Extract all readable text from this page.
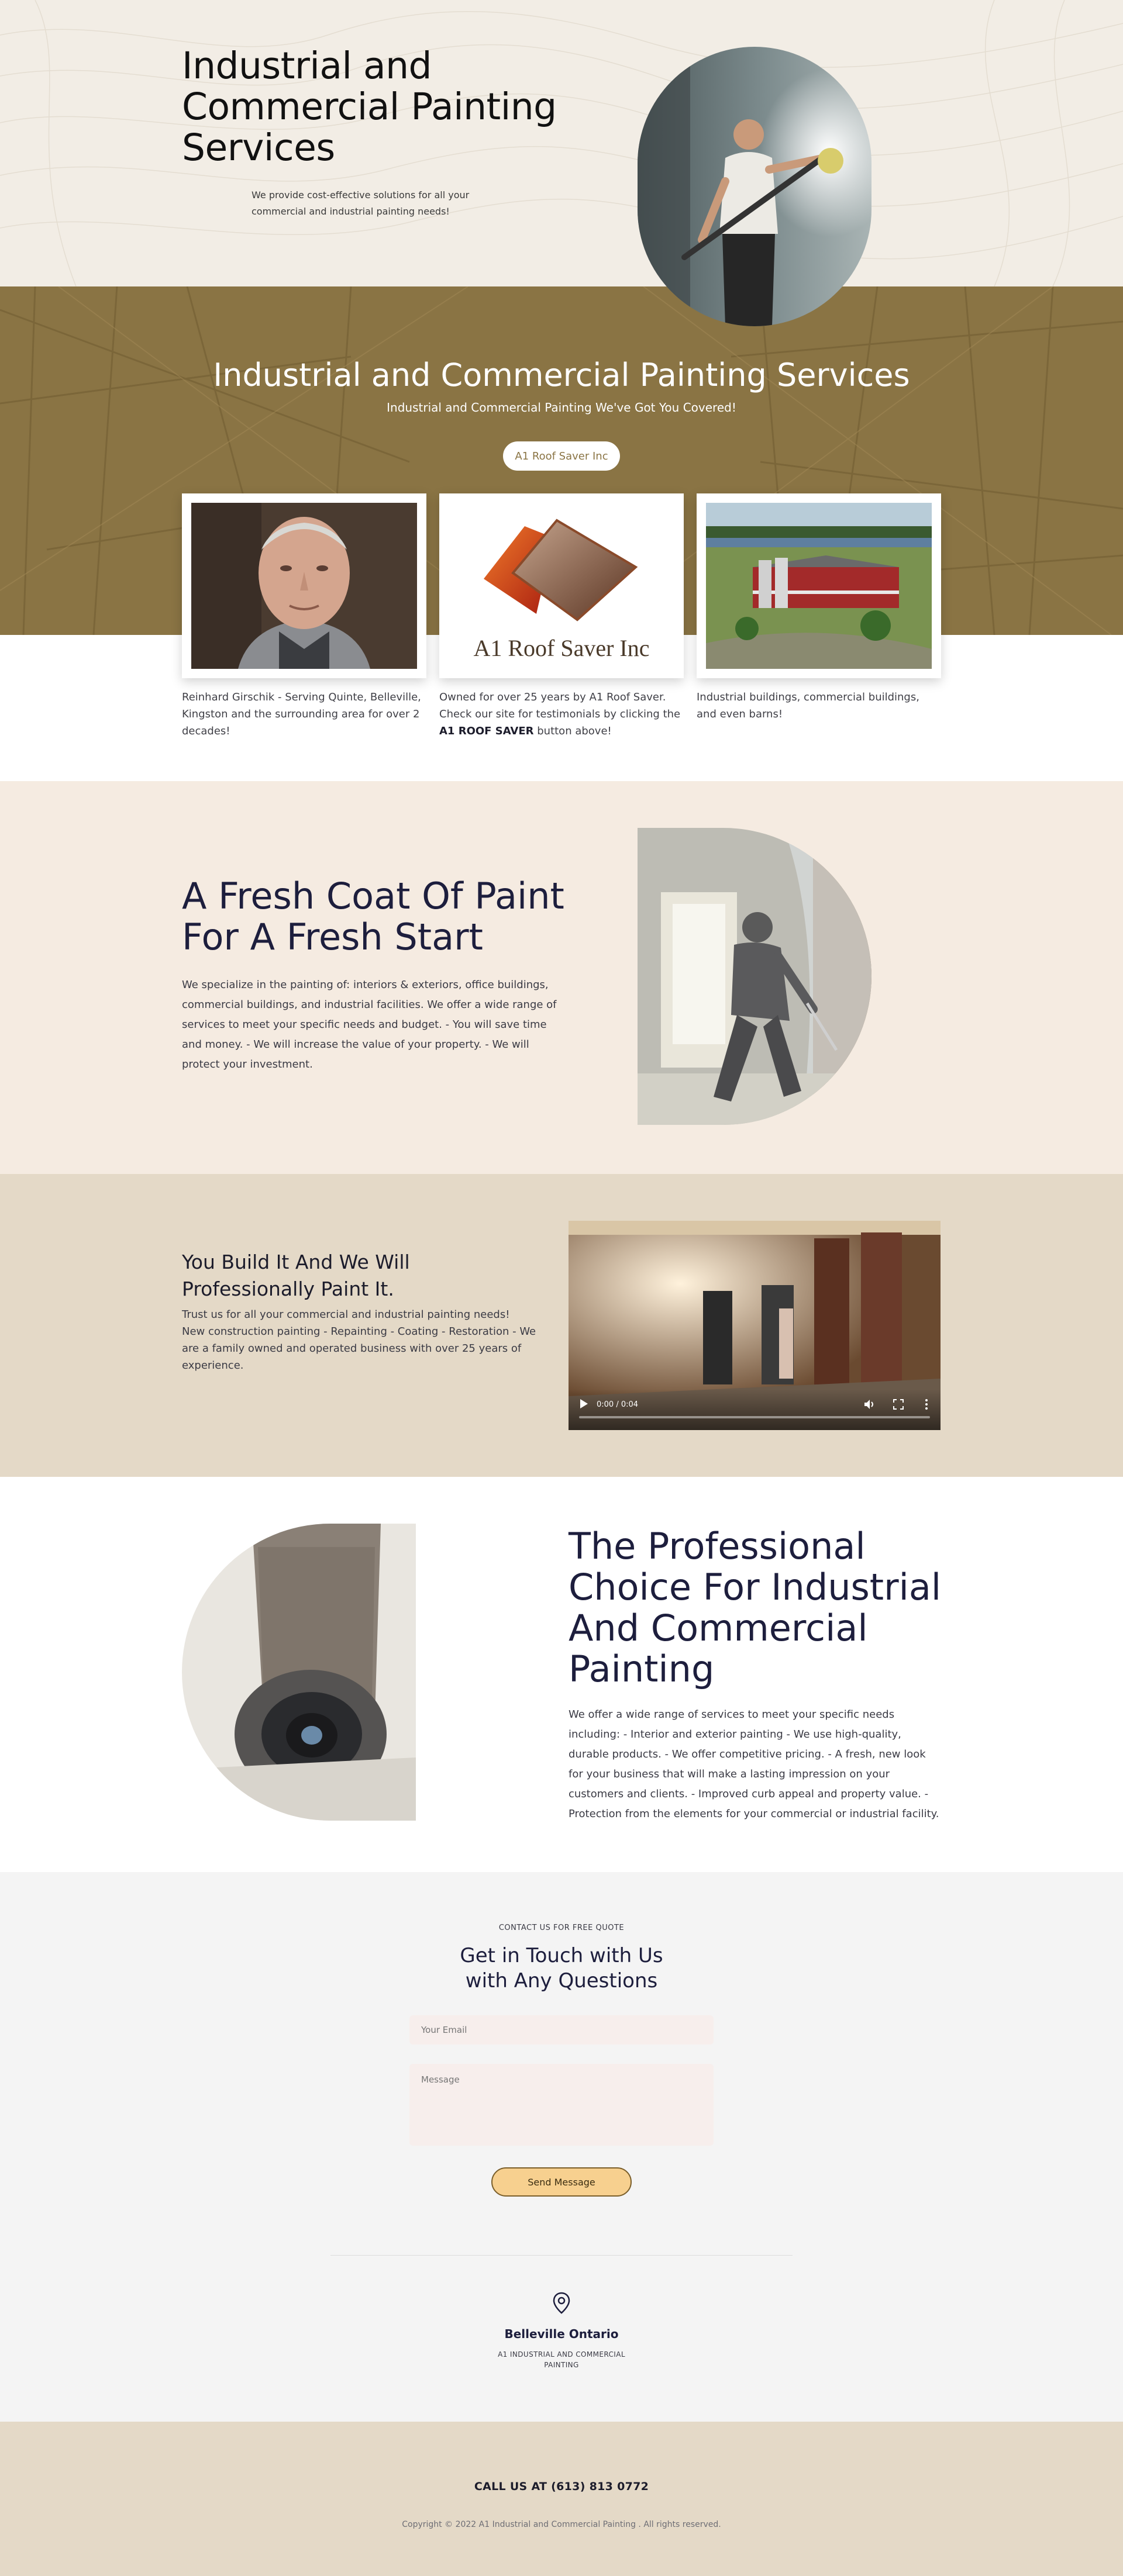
Industrial and Commercial Painting Services

We provide cost-effective solutions for all your commercial and industrial painting needs!

Industrial and Commercial Painting Services

Industrial and Commercial Painting We've Got You Covered!

A1 Roof Saver Inc

Reinhard Girschik - Serving Quinte, Belleville, Kingston and the surrounding area for over 2 decades!

A1 Roof Saver Inc

Owned for over 25 years by A1 Roof Saver. Check our site for testimonials by clicking the A1 ROOF SAVER button above!

Industrial buildings, commercial buildings, and even barns!

A Fresh Coat Of Paint For A Fresh Start

We specialize in the painting of: interiors & exteriors, office buildings, commercial buildings, and industrial facilities. We offer a wide range of services to meet your specific needs and budget. - You will save time and money. - We will increase the value of your property. - We will protect your investment.

You Build It And We Will Professionally Paint It.

Trust us for all your commercial and industrial painting needs!
New construction painting - Repainting - Coating - Restoration - We are a family owned and operated business with over 25 years of experience.

0:00 / 0:04
The Professional Choice For Industrial And Commercial Painting

We offer a wide range of services to meet your specific needs including: - Interior and exterior painting - We use high-quality, durable products. - We offer competitive pricing. - A fresh, new look for your business that will make a lasting impression on your customers and clients. - Improved curb appeal and property value. - Protection from the elements for your commercial or industrial facility.

CONTACT US FOR FREE QUOTE

Get in Touch with Us
with Any Questions
Your Email
Message
Send Message

Belleville Ontario

A1 INDUSTRIAL AND COMMERCIAL PAINTING

CALL US AT (613) 813 0772

Copyright © 2022 A1 Industrial and Commercial Painting . All rights reserved.
